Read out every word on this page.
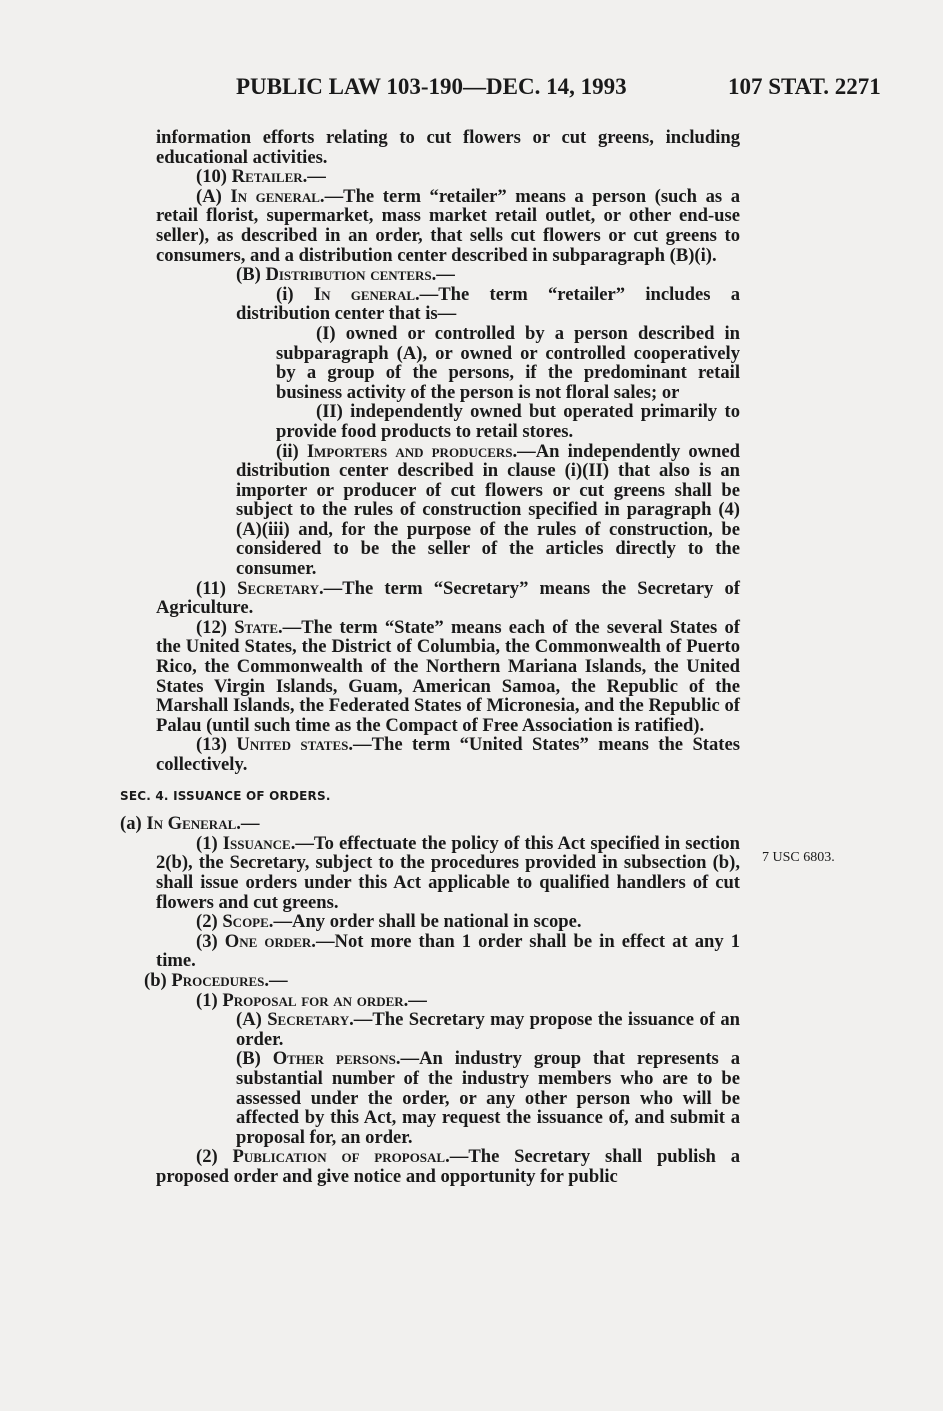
PUBLIC LAW 103-190—DEC. 14, 1993	107 STAT. 2271
7 USC 6803.

information efforts relating to cut flowers or cut greens, including educational activities.

(10) Retailer.—

(A) In general.—The term “retailer” means a person (such as a retail florist, supermarket, mass market retail outlet, or other end-use seller), as described in an order, that sells cut flowers or cut greens to consumers, and a distribution center described in subparagraph (B)(i).

(B) Distribution centers.—

(i) In general.—The term “retailer” includes a distribution center that is—

(I) owned or controlled by a person described in subparagraph (A), or owned or controlled cooperatively by a group of the persons, if the predominant retail business activity of the person is not floral sales; or

(II) independently owned but operated primarily to provide food products to retail stores.

(ii) Importers and producers.—An independently owned distribution center described in clause (i)(II) that also is an importer or producer of cut flowers or cut greens shall be subject to the rules of construction specified in paragraph (4)(A)(iii) and, for the purpose of the rules of construction, be considered to be the seller of the articles directly to the consumer.

(11) Secretary.—The term “Secretary” means the Secretary of Agriculture.

(12) State.—The term “State” means each of the several States of the United States, the District of Columbia, the Commonwealth of Puerto Rico, the Commonwealth of the Northern Mariana Islands, the United States Virgin Islands, Guam, American Samoa, the Republic of the Marshall Islands, the Federated States of Micronesia, and the Republic of Palau (until such time as the Compact of Free Association is ratified).

(13) United states.—The term “United States” means the States collectively.

SEC. 4. ISSUANCE OF ORDERS.

(a) In General.—

(1) Issuance.—To effectuate the policy of this Act specified in section 2(b), the Secretary, subject to the procedures provided in subsection (b), shall issue orders under this Act applicable to qualified handlers of cut flowers and cut greens.

(2) Scope.—Any order shall be national in scope.

(3) One order.—Not more than 1 order shall be in effect at any 1 time.

(b) Procedures.—

(1) Proposal for an order.—

(A) Secretary.—The Secretary may propose the issuance of an order.

(B) Other persons.—An industry group that represents a substantial number of the industry members who are to be assessed under the order, or any other person who will be affected by this Act, may request the issuance of, and submit a proposal for, an order.

(2) Publication of proposal.—The Secretary shall publish a proposed order and give notice and opportunity for public
